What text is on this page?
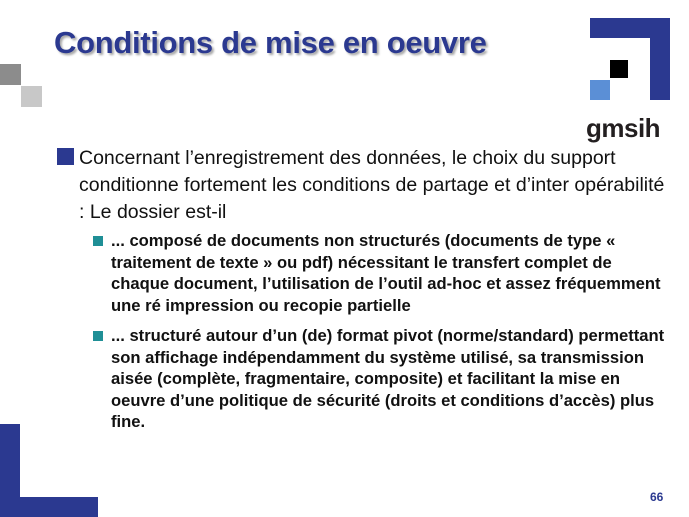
Conditions de mise en oeuvre
gmsih
Concernant l’enregistrement des données, le choix du support conditionne fortement les conditions de partage et d’inter opérabilité : Le dossier est-il
... composé de documents non structurés (documents de type « traitement de texte » ou pdf) nécessitant le transfert complet de chaque document, l’utilisation de l’outil ad-hoc et assez fréquemment une ré impression ou recopie partielle
... structuré autour d’un (de) format pivot (norme/standard) permettant son affichage indépendamment du système utilisé, sa transmission aisée (complète, fragmentaire, composite) et facilitant la mise en oeuvre d’une politique de sécurité (droits et conditions d’accès) plus fine.
66
